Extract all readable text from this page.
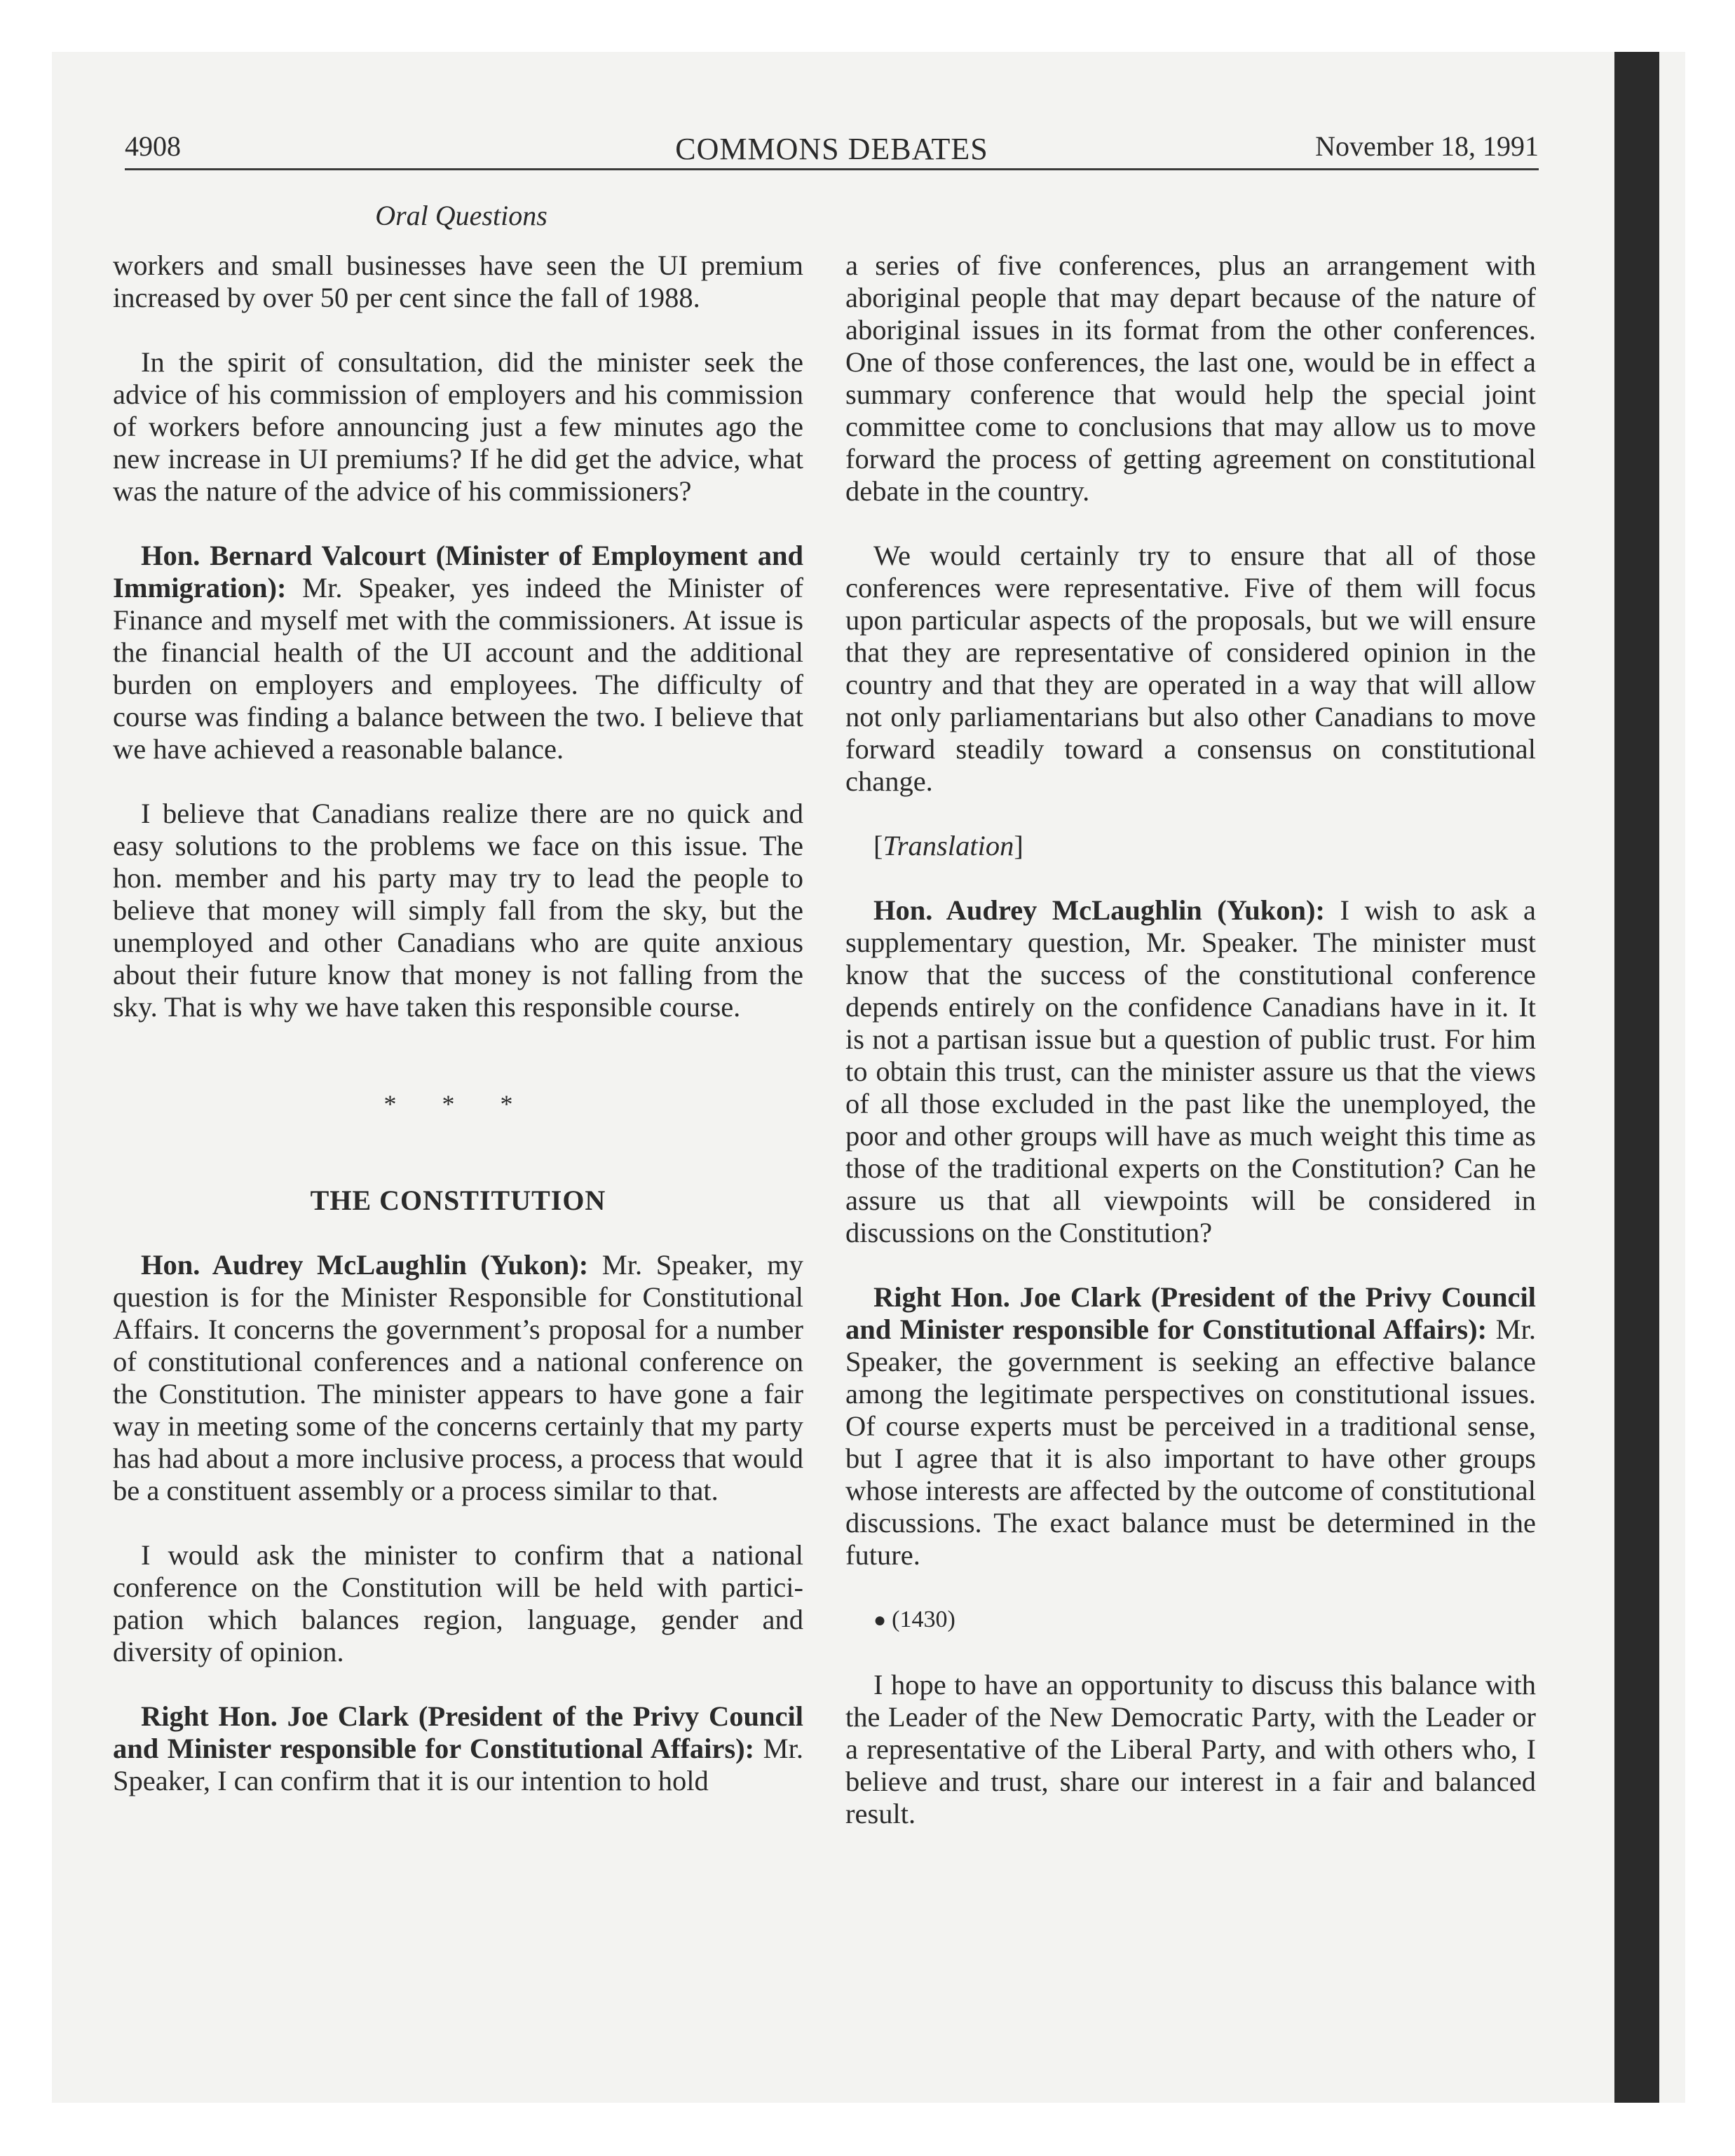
4908	COMMONS DEBATES	November 18, 1991
Oral Questions

workers and small businesses have seen the UI premium increased by over 50 per cent since the fall of 1988.

In the spirit of consultation, did the minister seek the advice of his commission of employers and his commission of workers before announcing just a few minutes ago the new increase in UI premiums? If he did get the advice, what was the nature of the advice of his commissioners?

Hon. Bernard Valcourt (Minister of Employment and Immigration): Mr. Speaker, yes indeed the Minister of Finance and myself met with the commissioners. At issue is the financial health of the UI account and the additional burden on employers and employees. The difficulty of course was finding a balance between the two. I believe that we have achieved a reasonable balance.

I believe that Canadians realize there are no quick and easy solutions to the problems we face on this issue. The hon. member and his party may try to lead the people to believe that money will simply fall from the sky, but the unemployed and other Canadians who are quite anxious about their future know that money is not falling from the sky. That is why we have taken this responsible course.

* * *
THE CONSTITUTION

Hon. Audrey McLaughlin (Yukon): Mr. Speaker, my question is for the Minister Responsible for Constitutional Affairs. It concerns the government’s proposal for a number of constitutional conferences and a national conference on the Constitution. The minister appears to have gone a fair way in meeting some of the concerns certainly that my party has had about a more inclusive process, a process that would be a constituent assembly or a process similar to that.

I would ask the minister to confirm that a national conference on the Constitution will be held with participation which balances region, language, gender and diversity of opinion.

Right Hon. Joe Clark (President of the Privy Council and Minister responsible for Constitutional Affairs): Mr. Speaker, I can confirm that it is our intention to hold

a series of five conferences, plus an arrangement with aboriginal people that may depart because of the nature of aboriginal issues in its format from the other conferences. One of those conferences, the last one, would be in effect a summary conference that would help the special joint committee come to conclusions that may allow us to move forward the process of getting agreement on constitutional debate in the country.

We would certainly try to ensure that all of those conferences were representative. Five of them will focus upon particular aspects of the proposals, but we will ensure that they are representative of considered opinion in the country and that they are operated in a way that will allow not only parliamentarians but also other Canadians to move forward steadily toward a consensus on constitutional change.

[Translation]

Hon. Audrey McLaughlin (Yukon): I wish to ask a supplementary question, Mr. Speaker. The minister must know that the success of the constitutional conference depends entirely on the confidence Canadians have in it. It is not a partisan issue but a question of public trust. For him to obtain this trust, can the minister assure us that the views of all those excluded in the past like the unemployed, the poor and other groups will have as much weight this time as those of the traditional experts on the Constitution? Can he assure us that all viewpoints will be considered in discussions on the Constitution?

Right Hon. Joe Clark (President of the Privy Council and Minister responsible for Constitutional Affairs): Mr. Speaker, the government is seeking an effective balance among the legitimate perspectives on constitutional issues. Of course experts must be perceived in a traditional sense, but I agree that it is also important to have other groups whose interests are affected by the outcome of constitutional discussions. The exact balance must be determined in the future.

● (1430)

I hope to have an opportunity to discuss this balance with the Leader of the New Democratic Party, with the Leader or a representative of the Liberal Party, and with others who, I believe and trust, share our interest in a fair and balanced result.
